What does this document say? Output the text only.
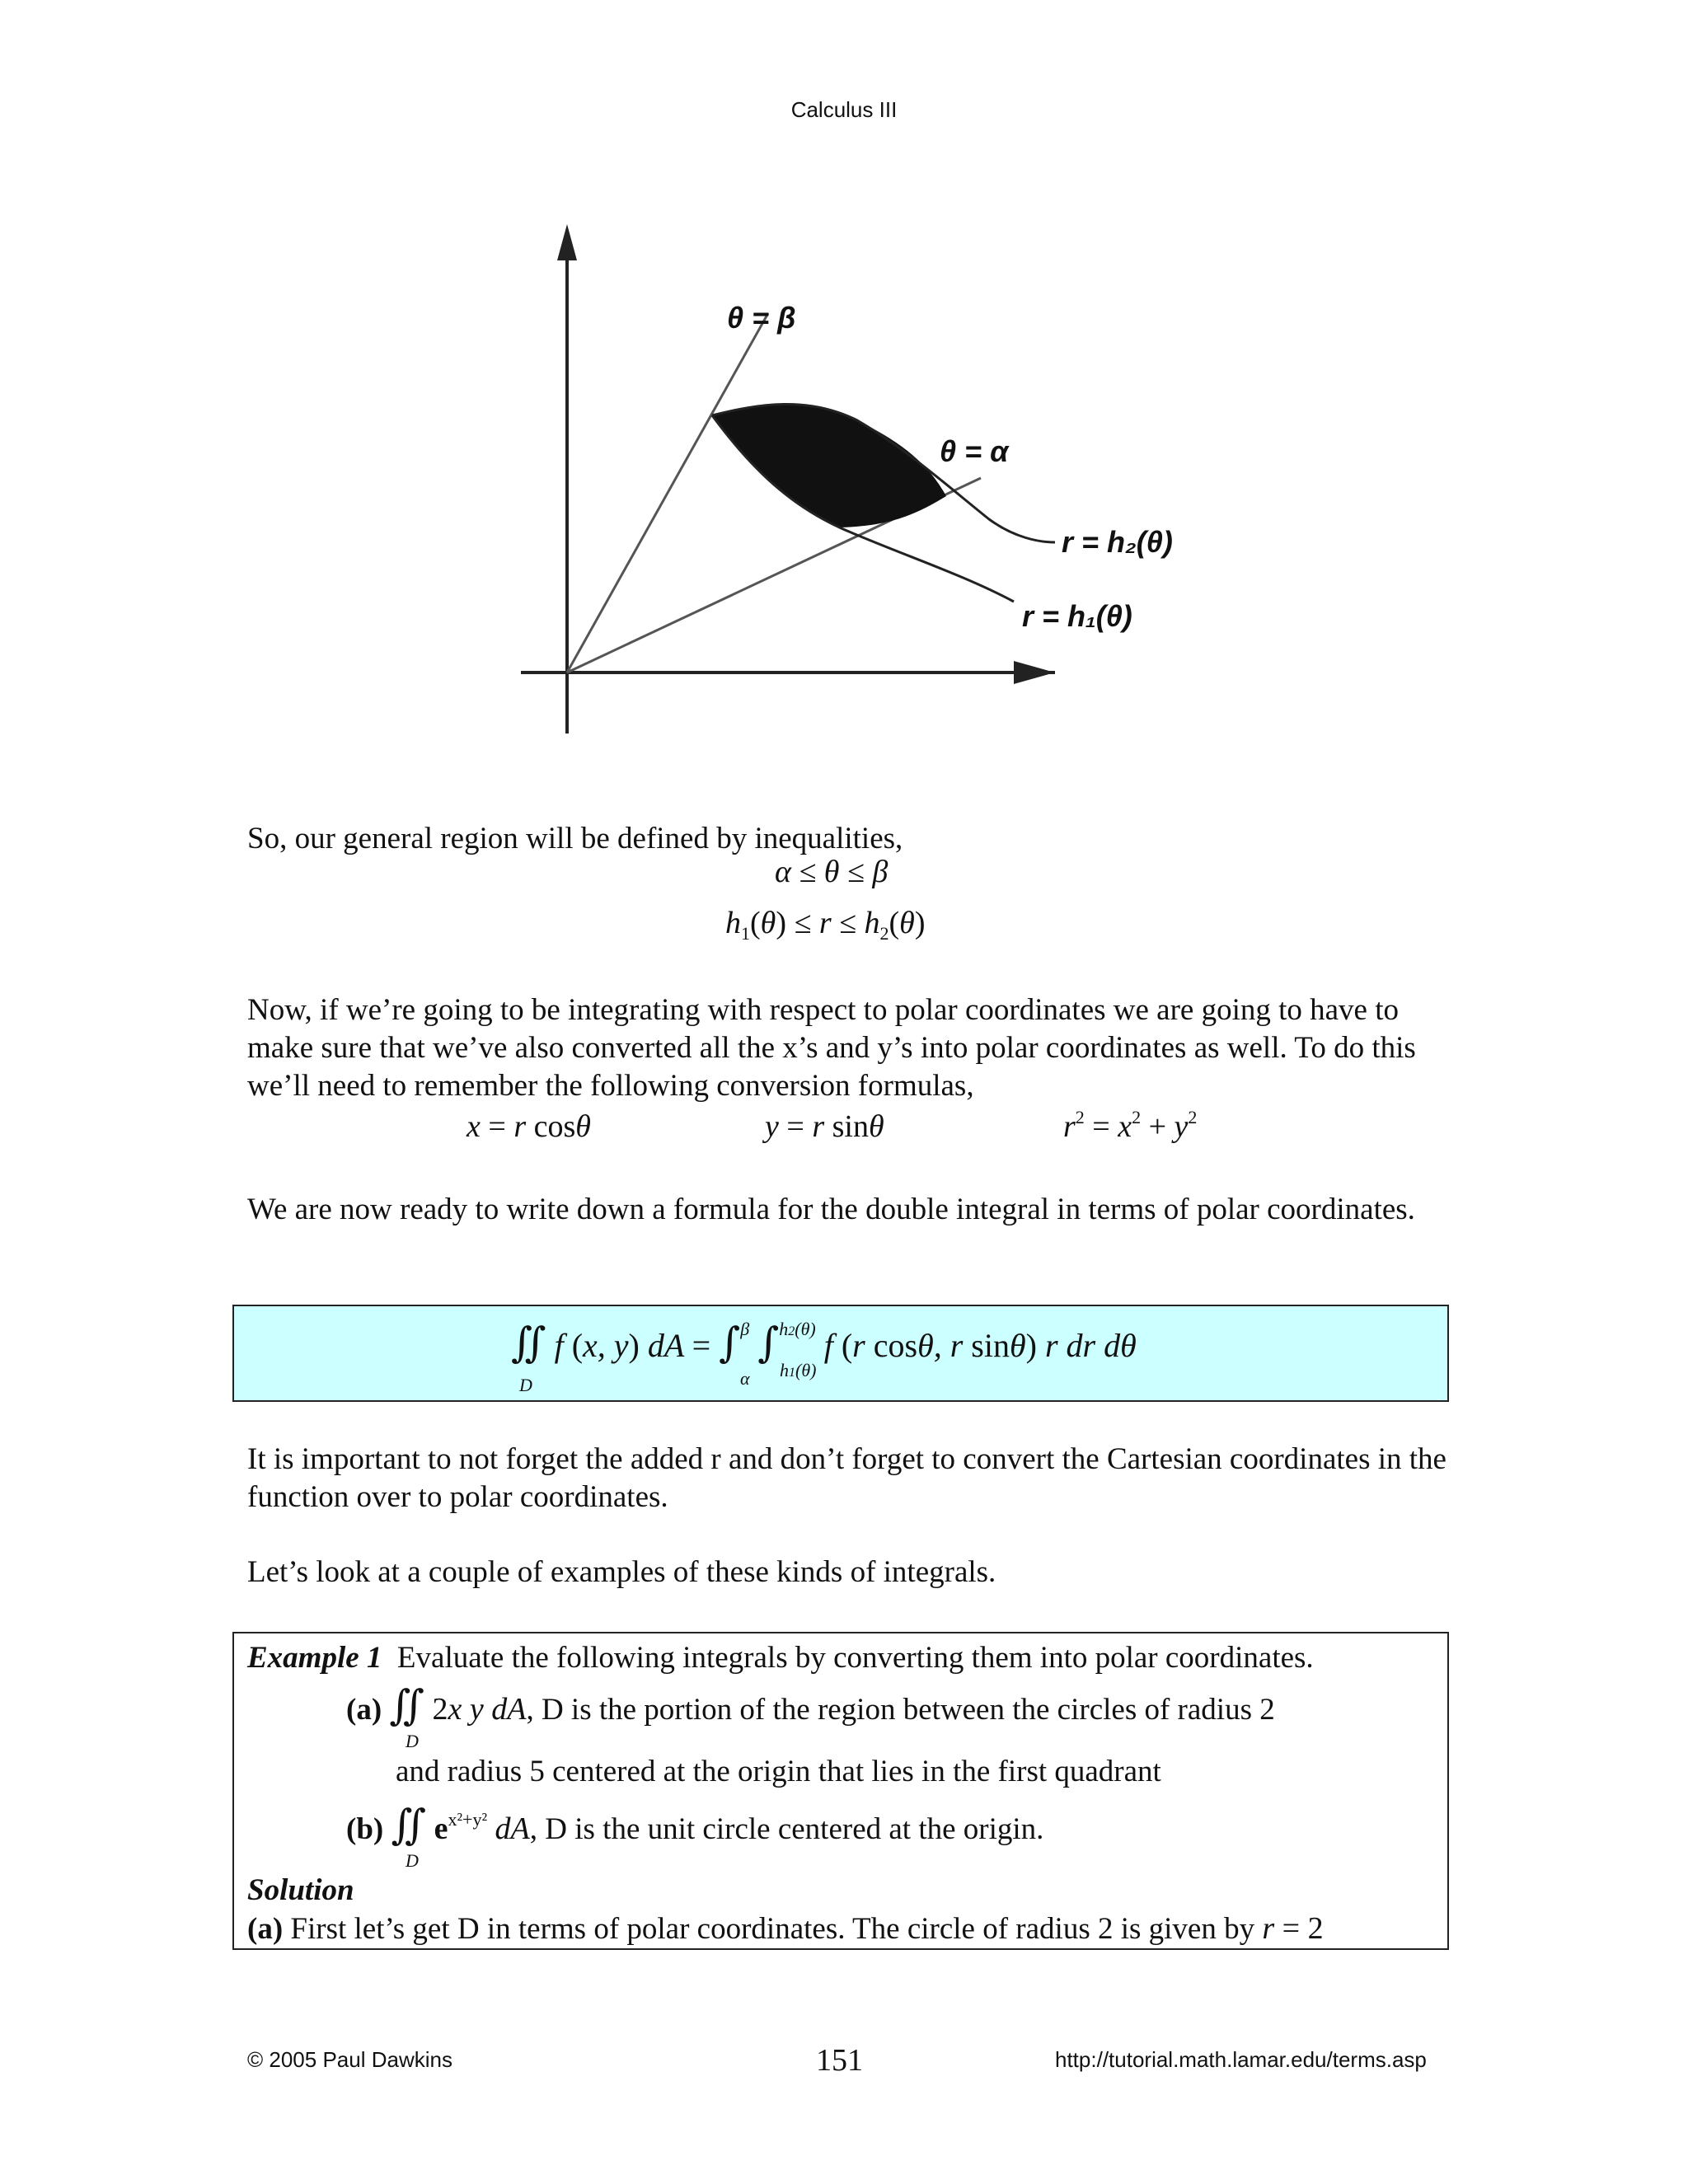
Calculus III
θ = β
θ = α
r = h₂(θ)
r = h₁(θ)
So, our general region will be defined by inequalities,
α ≤ θ ≤ β
$h_1(\theta) \le r \le h_2(\theta)$
Now, if we’re going to be integrating with respect to polar coordinates we are going to have to make sure that we’ve also converted all the x’s and y’s into polar coordinates as well. To do this we’ll need to remember the following conversion formulas,
x = r cosθ	y = r sinθ	$r^2 = x^2 + y^2$
We are now ready to write down a formula for the double integral in terms of polar coordinates.
∬ f (x, y) dA = ∫$^\beta$ ∫$^{h2(\theta)}$ f (r cosθ, r sinθ) r dr dθ
D	α h1(θ)
It is important to not forget the added r and don’t forget to convert the Cartesian coordinates in the function over to polar coordinates.
Let’s look at a couple of examples of these kinds of integrals.
Example 1 Evaluate the following integrals by converting them into polar coordinates.
(a) ∬ 2x y dA, D is the portion of the region between the circles of radius 2
D
and radius 5 centered at the origin that lies in the first quadrant
(b) ∬ $e^{x^2+y^2}$ dA, D is the unit circle centered at the origin.
D
Solution
(a) First let’s get D in terms of polar coordinates. The circle of radius 2 is given by r = 2
© 2005 Paul Dawkins	151	http://tutorial.math.lamar.edu/terms.asp
